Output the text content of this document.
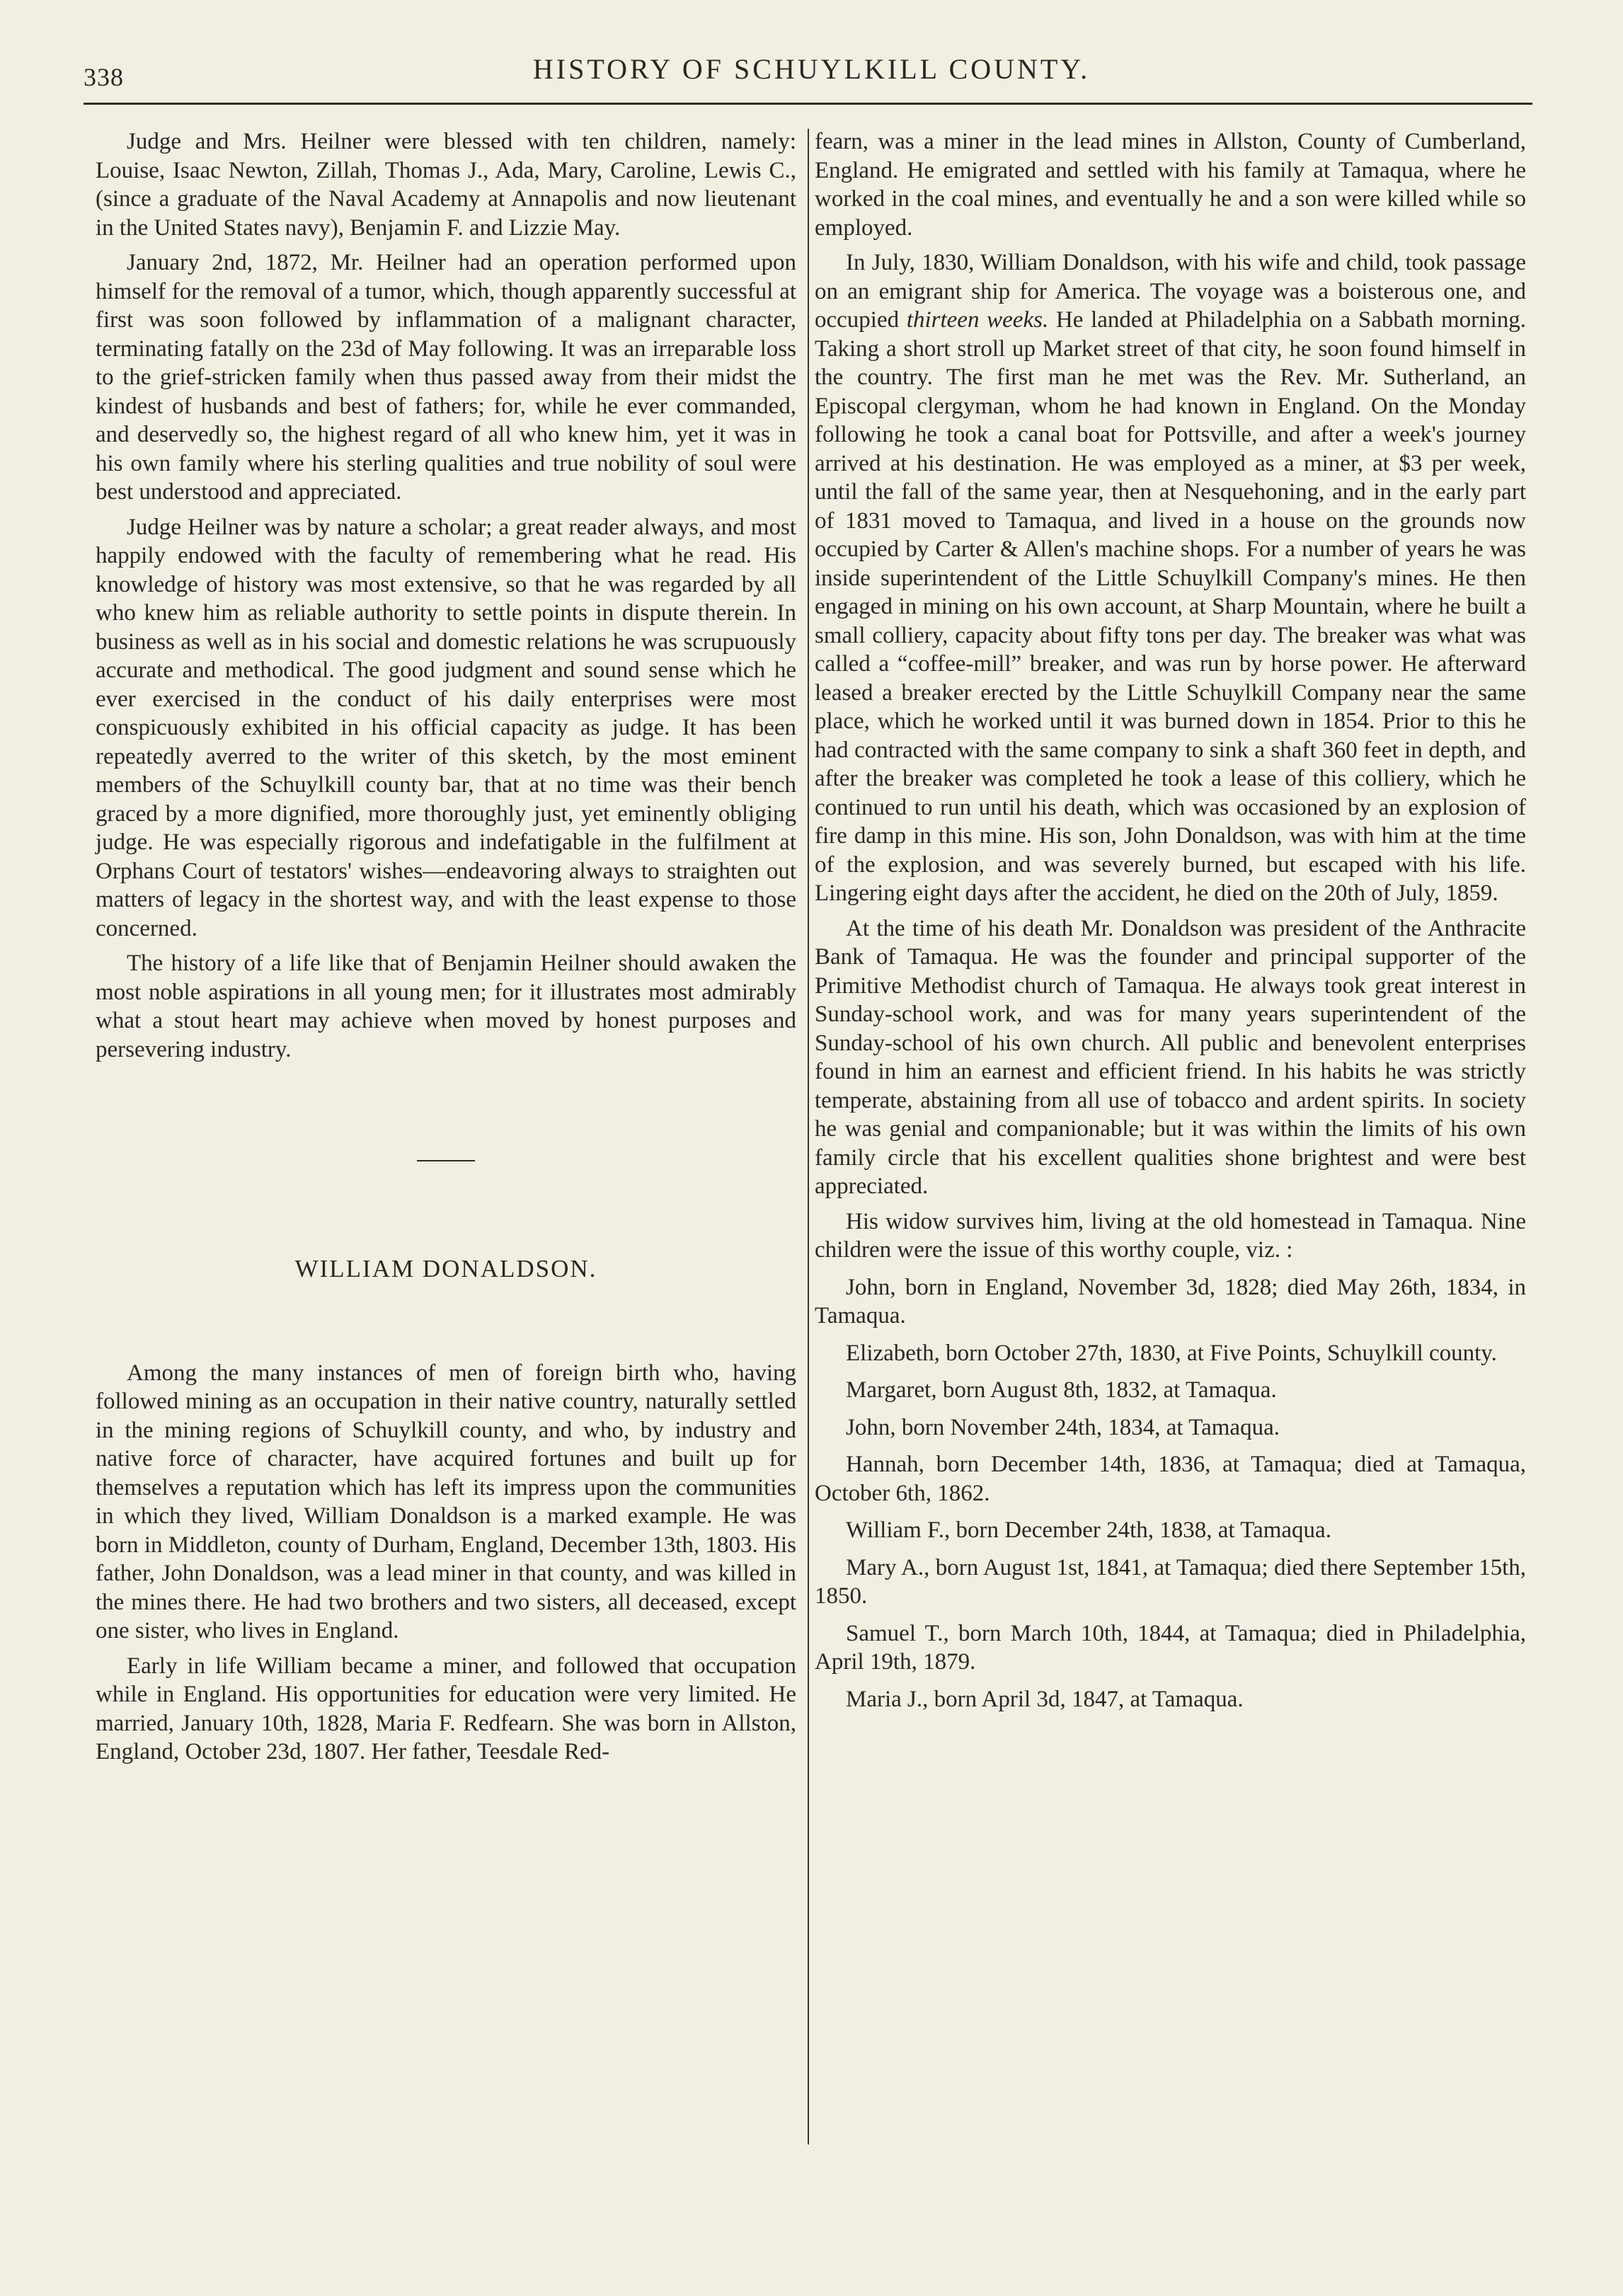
338	HISTORY OF SCHUYLKILL COUNTY.

Judge and Mrs. Heilner were blessed with ten children, namely: Louise, Isaac Newton, Zillah, Thomas J., Ada, Mary, Caroline, Lewis C., (since a graduate of the Naval Academy at Annapolis and now lieutenant in the United States navy), Benjamin F. and Lizzie May.

January 2nd, 1872, Mr. Heilner had an operation performed upon himself for the removal of a tumor, which, though apparently successful at first was soon followed by inflammation of a malignant character, terminating fatally on the 23d of May following. It was an irreparable loss to the grief-stricken family when thus passed away from their midst the kindest of husbands and best of fathers; for, while he ever commanded, and deservedly so, the highest regard of all who knew him, yet it was in his own family where his sterling qualities and true nobility of soul were best understood and appreciated.

Judge Heilner was by nature a scholar; a great reader always, and most happily endowed with the faculty of remembering what he read. His knowledge of history was most extensive, so that he was regarded by all who knew him as reliable authority to settle points in dispute therein. In business as well as in his social and domestic relations he was scrupuously accurate and methodical. The good judgment and sound sense which he ever exercised in the conduct of his daily enterprises were most conspicuously exhibited in his official capacity as judge. It has been repeatedly averred to the writer of this sketch, by the most eminent members of the Schuylkill county bar, that at no time was their bench graced by a more dignified, more thoroughly just, yet eminently obliging judge. He was especially rigorous and indefatigable in the fulfilment at Orphans Court of testators' wishes—endeavoring always to straighten out matters of legacy in the shortest way, and with the least expense to those concerned.

The history of a life like that of Benjamin Heilner should awaken the most noble aspirations in all young men; for it illustrates most admirably what a stout heart may achieve when moved by honest purposes and persevering industry.

WILLIAM DONALDSON.

Among the many instances of men of foreign birth who, having followed mining as an occupation in their native country, naturally settled in the mining regions of Schuylkill county, and who, by industry and native force of character, have acquired fortunes and built up for themselves a reputation which has left its impress upon the communities in which they lived, William Donaldson is a marked example. He was born in Middleton, county of Durham, England, December 13th, 1803. His father, John Donaldson, was a lead miner in that county, and was killed in the mines there. He had two brothers and two sisters, all deceased, except one sister, who lives in England.

Early in life William became a miner, and followed that occupation while in England. His opportunities for education were very limited. He married, January 10th, 1828, Maria F. Redfearn. She was born in Allston, England, October 23d, 1807. Her father, Teesdale Red-

fearn, was a miner in the lead mines in Allston, County of Cumberland, England. He emigrated and settled with his family at Tamaqua, where he worked in the coal mines, and eventually he and a son were killed while so employed.

In July, 1830, William Donaldson, with his wife and child, took passage on an emigrant ship for America. The voyage was a boisterous one, and occupied thirteen weeks. He landed at Philadelphia on a Sabbath morning. Taking a short stroll up Market street of that city, he soon found himself in the country. The first man he met was the Rev. Mr. Sutherland, an Episcopal clergyman, whom he had known in England. On the Monday following he took a canal boat for Pottsville, and after a week's journey arrived at his destination. He was employed as a miner, at $3 per week, until the fall of the same year, then at Nesquehoning, and in the early part of 1831 moved to Tamaqua, and lived in a house on the grounds now occupied by Carter & Allen's machine shops. For a number of years he was inside superintendent of the Little Schuylkill Company's mines. He then engaged in mining on his own account, at Sharp Mountain, where he built a small colliery, capacity about fifty tons per day. The breaker was what was called a “coffee-mill” breaker, and was run by horse power. He afterward leased a breaker erected by the Little Schuylkill Company near the same place, which he worked until it was burned down in 1854. Prior to this he had contracted with the same company to sink a shaft 360 feet in depth, and after the breaker was completed he took a lease of this colliery, which he continued to run until his death, which was occasioned by an explosion of fire damp in this mine. His son, John Donaldson, was with him at the time of the explosion, and was severely burned, but escaped with his life. Lingering eight days after the accident, he died on the 20th of July, 1859.

At the time of his death Mr. Donaldson was president of the Anthracite Bank of Tamaqua. He was the founder and principal supporter of the Primitive Methodist church of Tamaqua. He always took great interest in Sunday-school work, and was for many years superintendent of the Sunday-school of his own church. All public and benevolent enterprises found in him an earnest and efficient friend. In his habits he was strictly temperate, abstaining from all use of tobacco and ardent spirits. In society he was genial and companionable; but it was within the limits of his own family circle that his excellent qualities shone brightest and were best appreciated.

His widow survives him, living at the old homestead in Tamaqua. Nine children were the issue of this worthy couple, viz. :

John, born in England, November 3d, 1828; died May 26th, 1834, in Tamaqua.

Elizabeth, born October 27th, 1830, at Five Points, Schuylkill county.

Margaret, born August 8th, 1832, at Tamaqua.

John, born November 24th, 1834, at Tamaqua.

Hannah, born December 14th, 1836, at Tamaqua; died at Tamaqua, October 6th, 1862.

William F., born December 24th, 1838, at Tamaqua.

Mary A., born August 1st, 1841, at Tamaqua; died there September 15th, 1850.

Samuel T., born March 10th, 1844, at Tamaqua; died in Philadelphia, April 19th, 1879.

Maria J., born April 3d, 1847, at Tamaqua.
